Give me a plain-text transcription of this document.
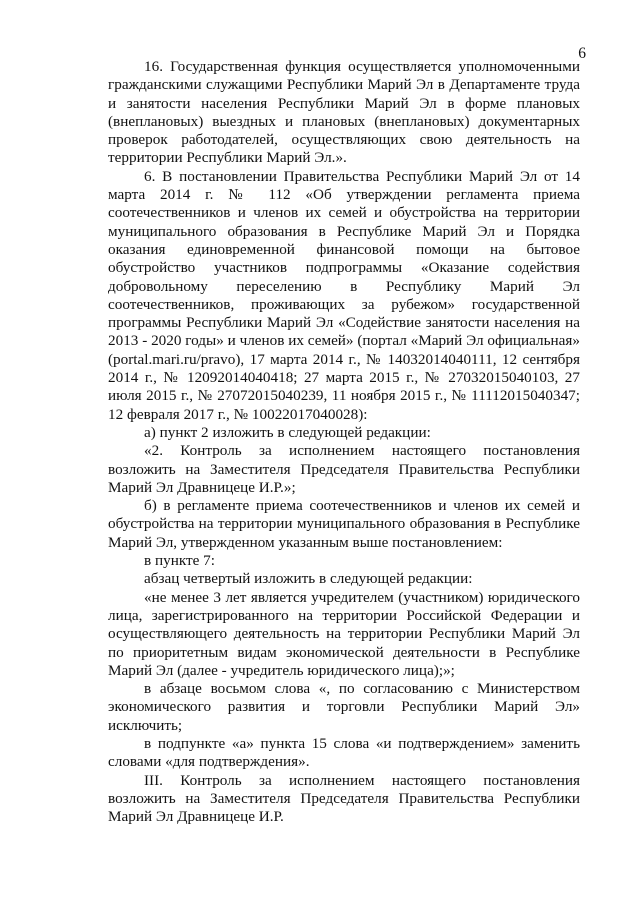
6

16. Государственная функция осуществляется уполномоченными гражданскими служащими Республики Марий Эл в Департаменте труда и занятости населения Республики Марий Эл в форме плановых (внеплановых) выездных и плановых (внеплановых) документарных проверок работодателей, осуществляющих свою деятельность на территории Республики Марий Эл.».

6. В постановлении Правительства Республики Марий Эл от 14 марта 2014 г. № 112 «Об утверждении регламента приема соотечественников и членов их семей и обустройства на территории муниципального образования в Республике Марий Эл и Порядка оказания единовременной финансовой помощи на бытовое обустройство участников подпрограммы «Оказание содействия добровольному переселению в Республику Марий Эл соотечественников, проживающих за рубежом» государственной программы Республики Марий Эл «Содействие занятости населения на 2013 - 2020 годы» и членов их семей» (портал «Марий Эл официальная» (portal.mari.ru/pravo), 17 марта 2014 г., № 14032014040111, 12 сентября 2014 г., № 12092014040418; 27 марта 2015 г., № 27032015040103, 27 июля 2015 г., № 27072015040239, 11 ноября 2015 г., № 11112015040347; 12 февраля 2017 г., № 10022017040028):

а) пункт 2 изложить в следующей редакции:

«2. Контроль за исполнением настоящего постановления возложить на Заместителя Председателя Правительства Республики Марий Эл Дравницеце И.Р.»;

б) в регламенте приема соотечественников и членов их семей и обустройства на территории муниципального образования в Республике Марий Эл, утвержденном указанным выше постановлением:

в пункте 7:

абзац четвертый изложить в следующей редакции:

«не менее 3 лет является учредителем (участником) юридического лица, зарегистрированного на территории Российской Федерации и осуществляющего деятельность на территории Республики Марий Эл по приоритетным видам экономической деятельности в Республике Марий Эл (далее - учредитель юридического лица);»;

в абзаце восьмом слова «, по согласованию с Министерством экономического развития и торговли Республики Марий Эл» исключить;

в подпункте «а» пункта 15 слова «и подтверждением» заменить словами «для подтверждения».

III. Контроль за исполнением настоящего постановления возложить на Заместителя Председателя Правительства Республики Марий Эл Дравницеце И.Р.
